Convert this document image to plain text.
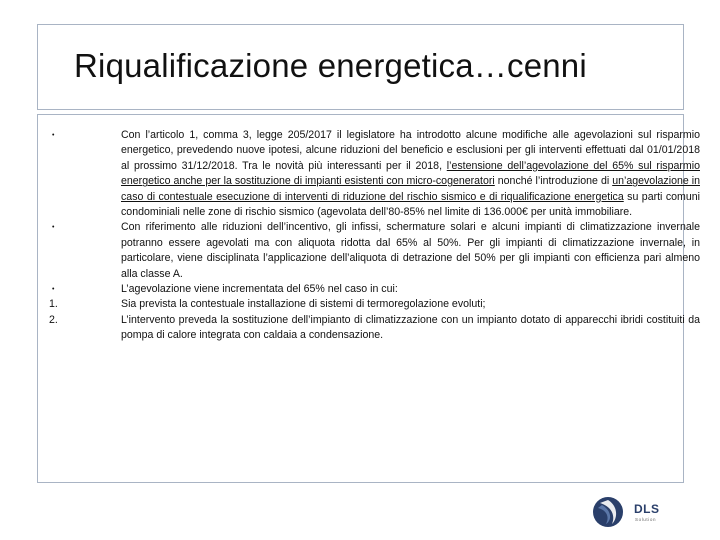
Riqualificazione energetica…cenni
•	Con l’articolo 1, comma 3, legge 205/2017 il legislatore ha introdotto alcune modifiche alle agevolazioni sul risparmio energetico, prevedendo nuove ipotesi, alcune riduzioni del beneficio e esclusioni per gli interventi effettuati dal 01/01/2018 al prossimo 31/12/2018. Tra le novità più interessanti per il 2018, l’estensione dell’agevolazione del 65% sul risparmio energetico anche per la sostituzione di impianti esistenti con micro-cogeneratori nonché l’introduzione di un’agevolazione in caso di contestuale esecuzione di interventi di riduzione del rischio sismico e di riqualificazione energetica su parti comuni condominiali nelle zone di rischio sismico (agevolata dell’80-85% nel limite di 136.000€ per unità immobiliare.
•	Con riferimento alle riduzioni dell’incentivo, gli infissi, schermature solari e alcuni impianti di climatizzazione invernale potranno essere agevolati ma con aliquota ridotta dal 65% al 50%. Per gli impianti di climatizzazione invernale, in particolare, viene disciplinata l’applicazione dell’aliquota di detrazione del 50% per gli impianti con efficienza pari almeno alla classe A.
•	L’agevolazione viene incrementata del 65% nel caso in cui:
1.	Sia prevista la contestuale installazione di sistemi di termoregolazione evoluti;
2.	L’intervento preveda la sostituzione dell’impianto di climatizzazione con un impianto dotato di apparecchi ibridi costituiti da pompa di calore integrata con caldaia a condensazione.
DLS
Solution
